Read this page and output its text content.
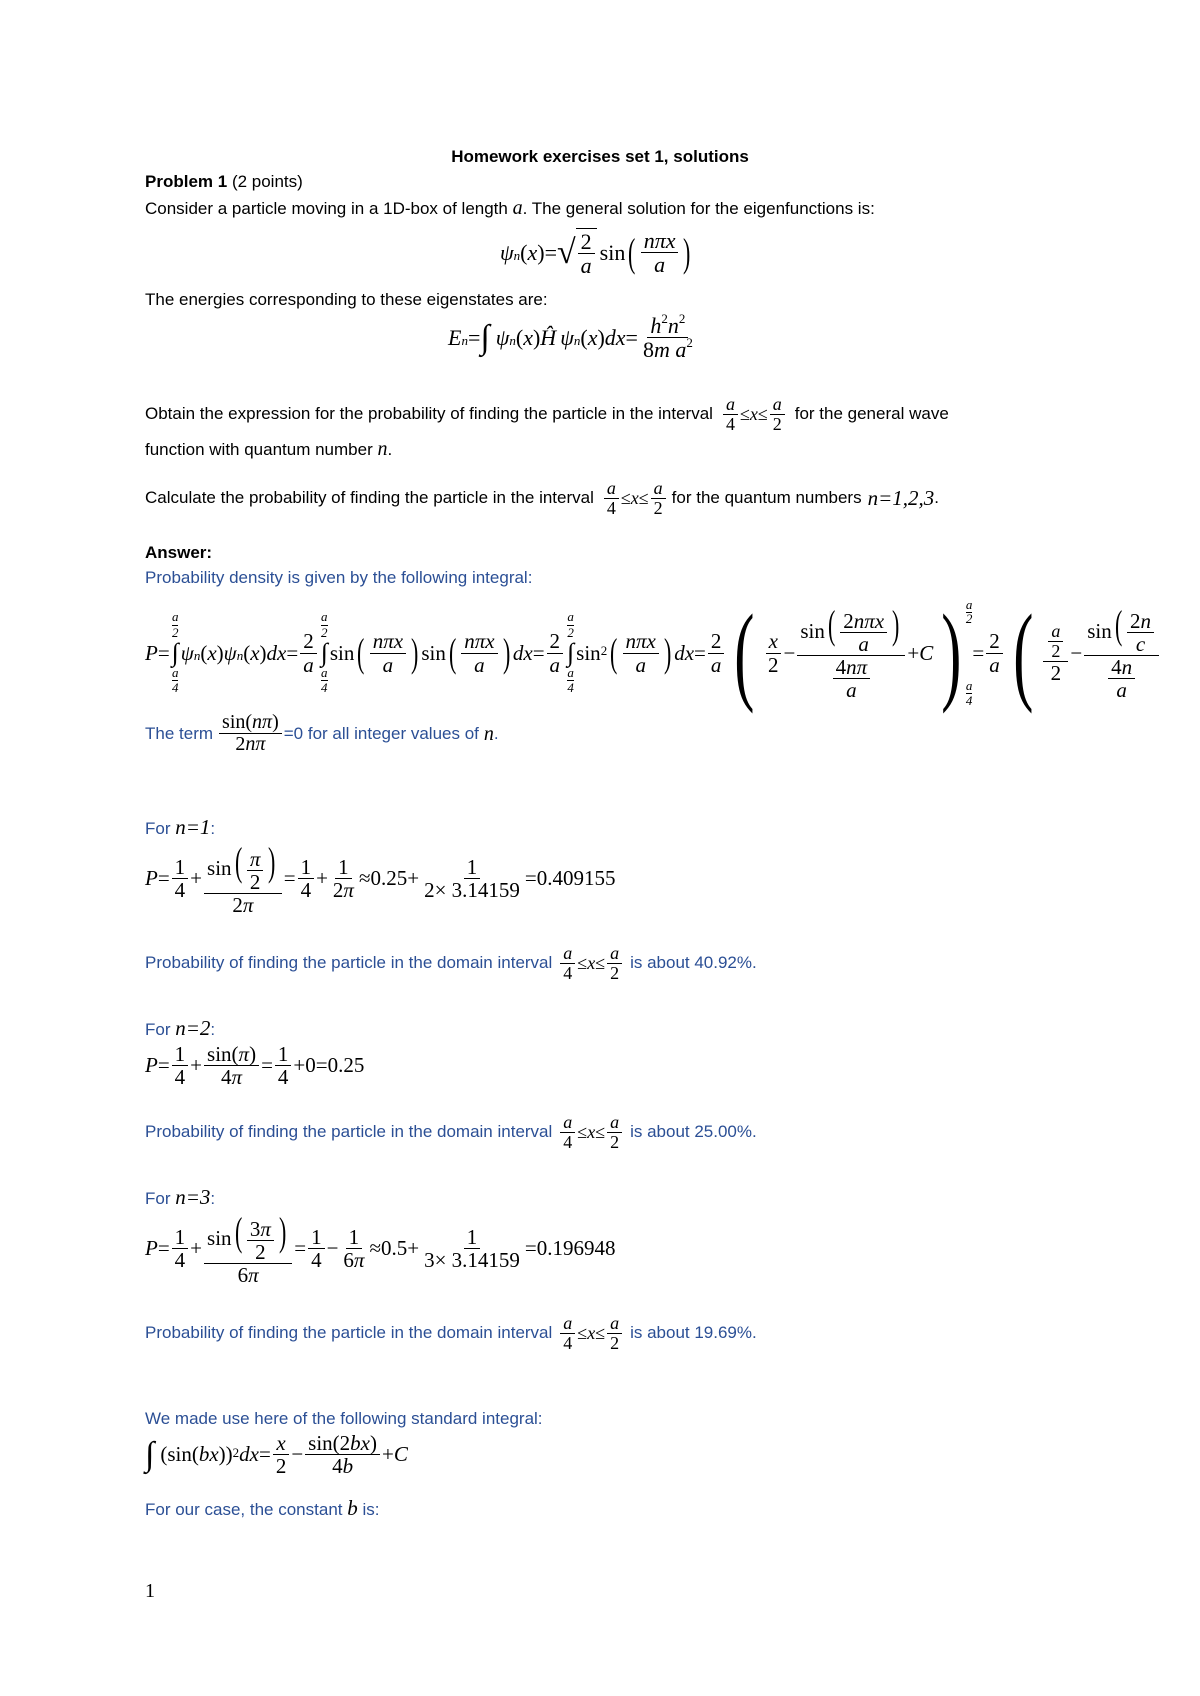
Homework exercises set 1, solutions
Problem 1 (2 points)
Consider a particle moving in a 1D-box of length a. The general solution for the eigenfunctions is:
$\psi_n$ ( x )= √ $\frac{2}{a}$ sin ( $\frac{\text{nπx}}{a}$ )
The energies corresponding to these eigenstates are:
$E_n$ = ∫ $\psi_n$ ( x ) Ĥ $\psi_n$ ( x ) dx = $\frac{h^2n^2}{8m a^2}$
Obtain the expression for the probability of finding the particle in the interval $\frac{a}{4} \le x \le \frac{a}{2}$ for the general wave
function with quantum number n.
Calculate the probability of finding the particle in the interval $\frac{a}{4} \le x \le \frac{a}{2}$ for the quantum numbers n=1,2,3 .
Answer:
Probability density is given by the following integral:
P =
a
2
∫
a
4
$\psi_n$ ( x ) $\psi_n$ ( x ) dx = $\frac{2}{a}$
a
2
∫
a
4
sin ( $\frac{\text{nπx}}{a}$ ) sin ( $\frac{\text{nπx}}{a}$ ) dx = $\frac{2}{a}$
a
2
∫
a
4
$\sin^2$ ( $\frac{\text{nπx}}{a}$ ) dx = $\frac{2}{a}$ ( $\frac{x}{2} - \frac{\sin( \frac{\text{2nπx}}{a} )}{\frac{4n\pi}{a}} + C$ ) a
2
a
4
= $\frac{2}{a}$ ( $\frac{\frac{a}{2}}{2} - \frac{\sin( \frac{2n}{c}}{\frac{4n}{a}}$
The term $\frac{\sin(n\pi)}{2n\pi} =0$ for all integer values of n .
For n=1:
$P = \frac{1}{4} + \frac{\sin( \frac{\pi}{2} )}{2\pi} = \frac{1}{4} + \frac{1}{2\pi} \approx 0.25+ \frac{1}{2\times 3.14159} =0.409155$
Probability of finding the particle in the domain interval $\frac{a}{4} \le x \le \frac{a}{2}$ is about 40.92%.
For n=2:
$P = \frac{1}{4} + \frac{\sin(\pi)}{4\pi} = \frac{1}{4} +0=0.25$
Probability of finding the particle in the domain interval $\frac{a}{4} \le x \le \frac{a}{2}$ is about 25.00%.
For n=3:
$P = \frac{1}{4} + \frac{\sin( \frac{3\pi}{2} )}{6\pi} = \frac{1}{4} - \frac{1}{6\pi} \approx 0.5+ \frac{1}{3\times 3.14159} =0.196948$
Probability of finding the particle in the domain interval $\frac{a}{4} \le x \le \frac{a}{2}$ is about 19.69%.
We made use here of the following standard integral:
∫ (sin( bx ))$^2$ dx = $\frac{x}{2} - \frac{\sin(2bx)}{4b} + C$
For our case, the constant b is:
1
